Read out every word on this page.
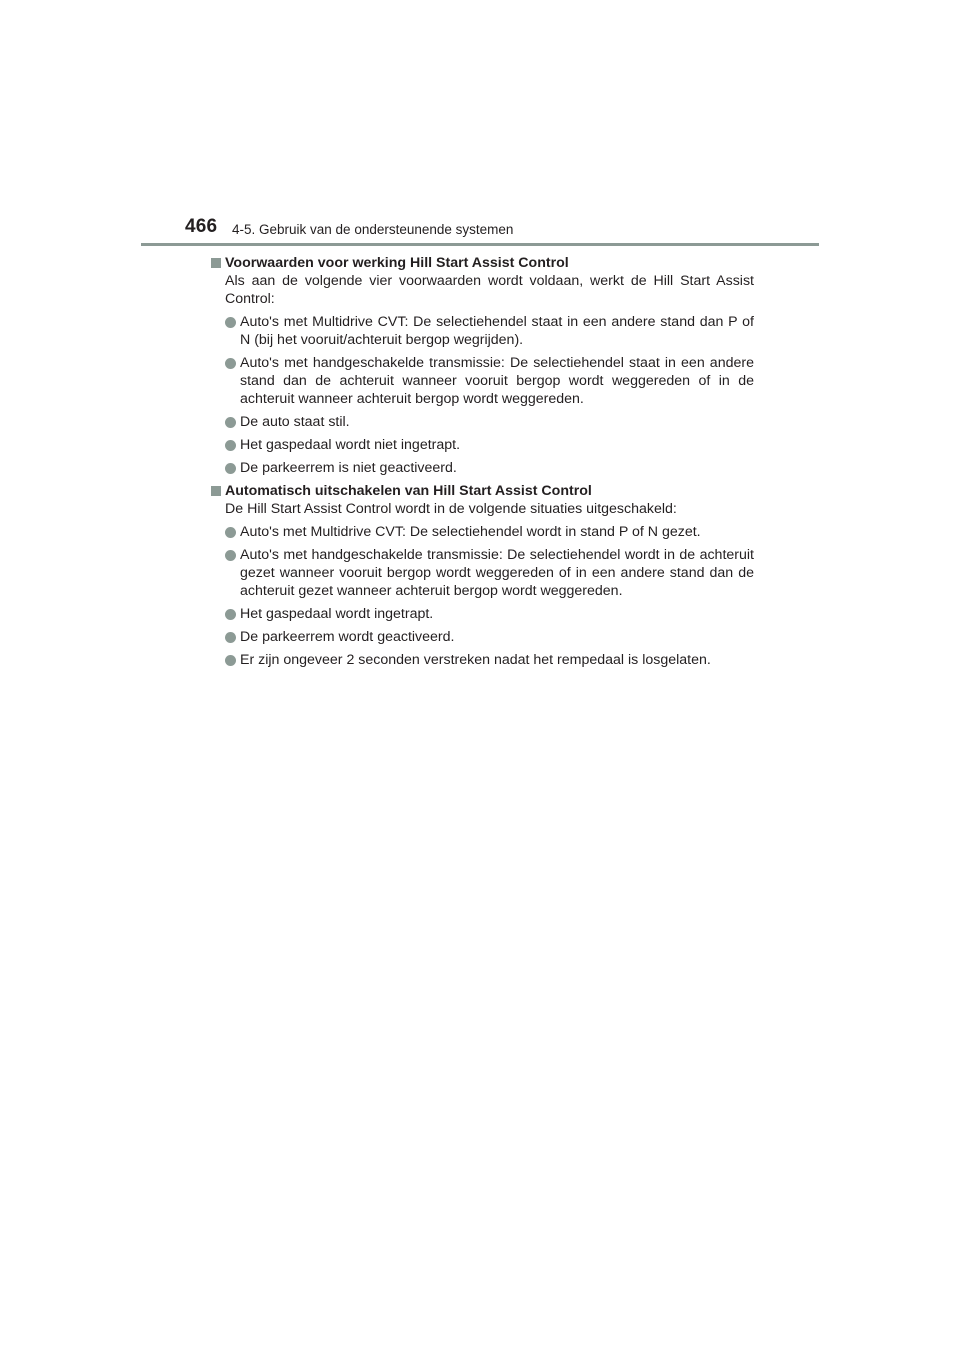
466 4-5. Gebruik van de ondersteunende systemen
Voorwaarden voor werking Hill Start Assist Control
Als aan de volgende vier voorwaarden wordt voldaan, werkt de Hill Start Assist Control:
Auto's met Multidrive CVT: De selectiehendel staat in een andere stand dan P of N (bij het vooruit/achteruit bergop wegrijden).
Auto's met handgeschakelde transmissie: De selectiehendel staat in een andere stand dan de achteruit wanneer vooruit bergop wordt weggereden of in de achteruit wanneer achteruit bergop wordt weggereden.
De auto staat stil.
Het gaspedaal wordt niet ingetrapt.
De parkeerrem is niet geactiveerd.
Automatisch uitschakelen van Hill Start Assist Control
De Hill Start Assist Control wordt in de volgende situaties uitgeschakeld:
Auto's met Multidrive CVT: De selectiehendel wordt in stand P of N gezet.
Auto's met handgeschakelde transmissie: De selectiehendel wordt in de achteruit gezet wanneer vooruit bergop wordt weggereden of in een andere stand dan de achteruit gezet wanneer achteruit bergop wordt weggereden.
Het gaspedaal wordt ingetrapt.
De parkeerrem wordt geactiveerd.
Er zijn ongeveer 2 seconden verstreken nadat het rempedaal is losgelaten.
